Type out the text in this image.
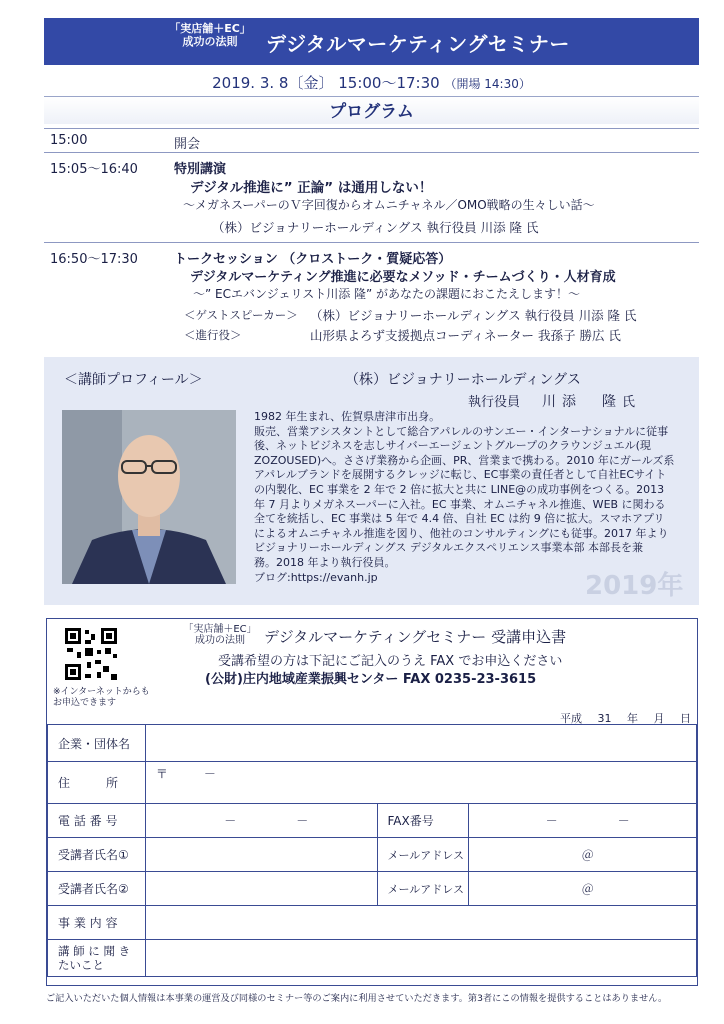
「実店舗＋EC」
成功の法則	デジタルマーケティングセミナー
2019. 3. 8〔金〕 15:00～17:30 （開場 14:30）
プログラム
15:00	開会
15:05～16:40	特別講演
デジタル推進に” 正論” は通用しない！
～メガネスーパーのＶ字回復からオムニチャネル／OMO戦略の生々しい話～
（株）ビジョナリーホールディングス 執行役員 川添 隆 氏
16:50～17:30	トークセッション （クロストーク・質疑応答）
デジタルマーケティング推進に必要なメソッド・チームづくり・人材育成
～” ECエバンジェリスト川添 隆” があなたの課題におこたえします！～
＜ゲストスピーカー＞ （株）ビジョナリーホールディングス 執行役員 川添 隆 氏
＜進行役＞	山形県よろず支援拠点コーディネーター 我孫子 勝広 氏
2019年
＜講師プロフィール＞	（株）ビジョナリーホールディングス
執行役員 川添　隆氏

1982 年生まれ、佐賀県唐津市出身。

販売、営業アシスタントとして総合アパレルのサンエー・インターナショナルに従事

後、ネットビジネスを志しサイバーエージェントグループのクラウンジュエル(現

ZOZOUSED)へ。ささげ業務から企画、PR、営業まで携わる。2010 年にガールズ系

アパレルブランドを展開するクレッジに転じ、EC事業の責任者として自社ECサイト

の内製化、EC 事業を 2 年で 2 倍に拡大と共に LINE@の成功事例をつくる。2013

年 7 月よりメガネスーパーに入社。EC 事業、オムニチャネル推進、WEB に関わる

全てを統括し、EC 事業は 5 年で 4.4 倍、自社 EC は約 9 倍に拡大。スマホアプリ

によるオムニチャネル推進を図り、他社のコンサルティングにも従事。2017 年より

ビジョナリーホールディングス デジタルエクスペリエンス事業本部 本部長を兼

務。2018 年より執行役員。

ブログ:https://evanh.jp

※インターネットからも
お申込できます
「実店舗＋EC」
成功の法則	デジタルマーケティングセミナー 受講申込書
受講希望の方は下記にご記入のうえ FAX でお申込ください
(公財)庄内地域産業振興センター FAX 0235-23-3615
平成 31 年 月 日
企業・団体名			
住　　　所	〒　　　－		
電 話 番 号	－　　　　　－	FAX番号	－　　　　　－
受講者氏名①		メールアドレス	＠
受講者氏名②		メールアドレス	＠
事 業 内 容			

講 師 に 聞 き
たいこと			

ご記入いただいた個人情報は本事業の運営及び同様のセミナー等のご案内に利用させていただきます。第3者にこの情報を提供することはありません。
